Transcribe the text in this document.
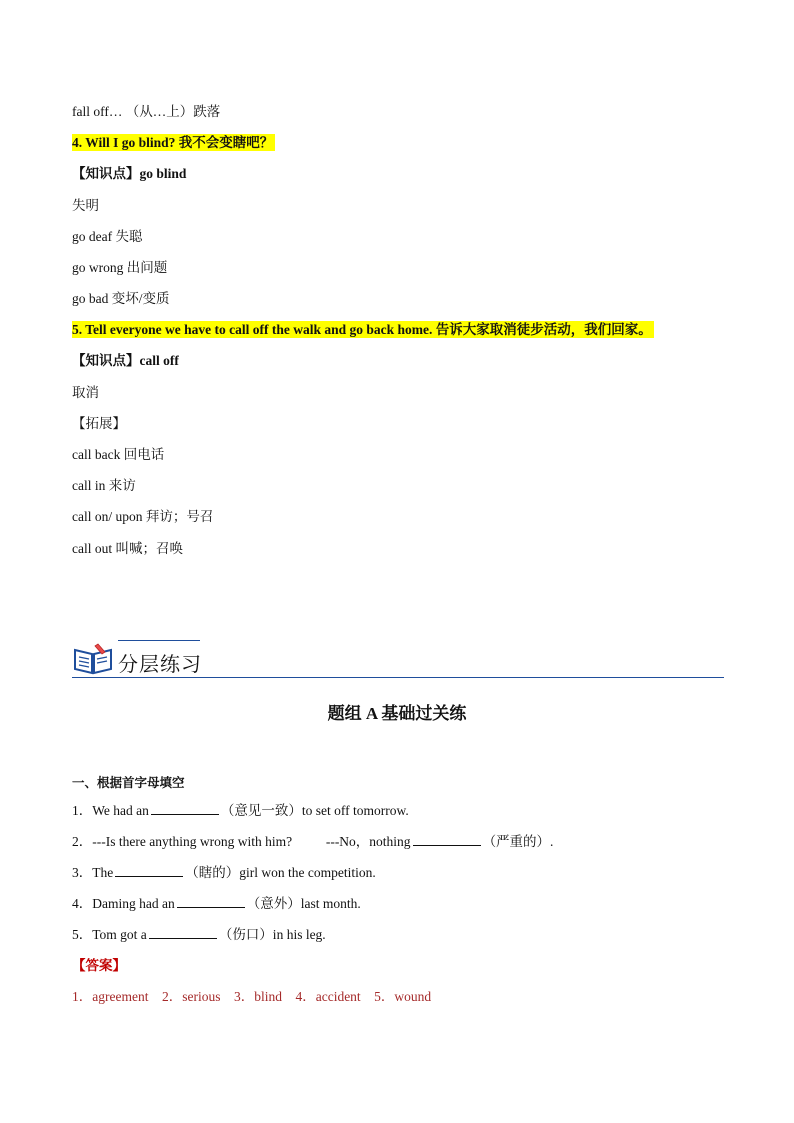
fall off… （从…上）跌落
4. Will I go blind? 我不会变瞎吧？
【知识点】go blind
失明
go deaf 失聪
go wrong 出问题
go bad 变坏/变质
5. Tell everyone we have to call off the walk and go back home. 告诉大家取消徒步活动，我们回家。
【知识点】call off
取消
【拓展】
call back 回电话
call in 来访
call on/ upon 拜访；号召
call out 叫喊；召唤
分层练习
题组 A 基础过关练
一、根据首字母填空
1．We had an	（意见一致）to set off tomorrow.
2．---Is there anything wrong with him?          ---No，nothing	（严重的）.
3．The	（瞎的）girl won the competition.
4．Daming had an	（意外）last month.
5．Tom got a	（伤口）in his leg.
【答案】
1．agreement    2．serious    3．blind    4．accident    5．wound
